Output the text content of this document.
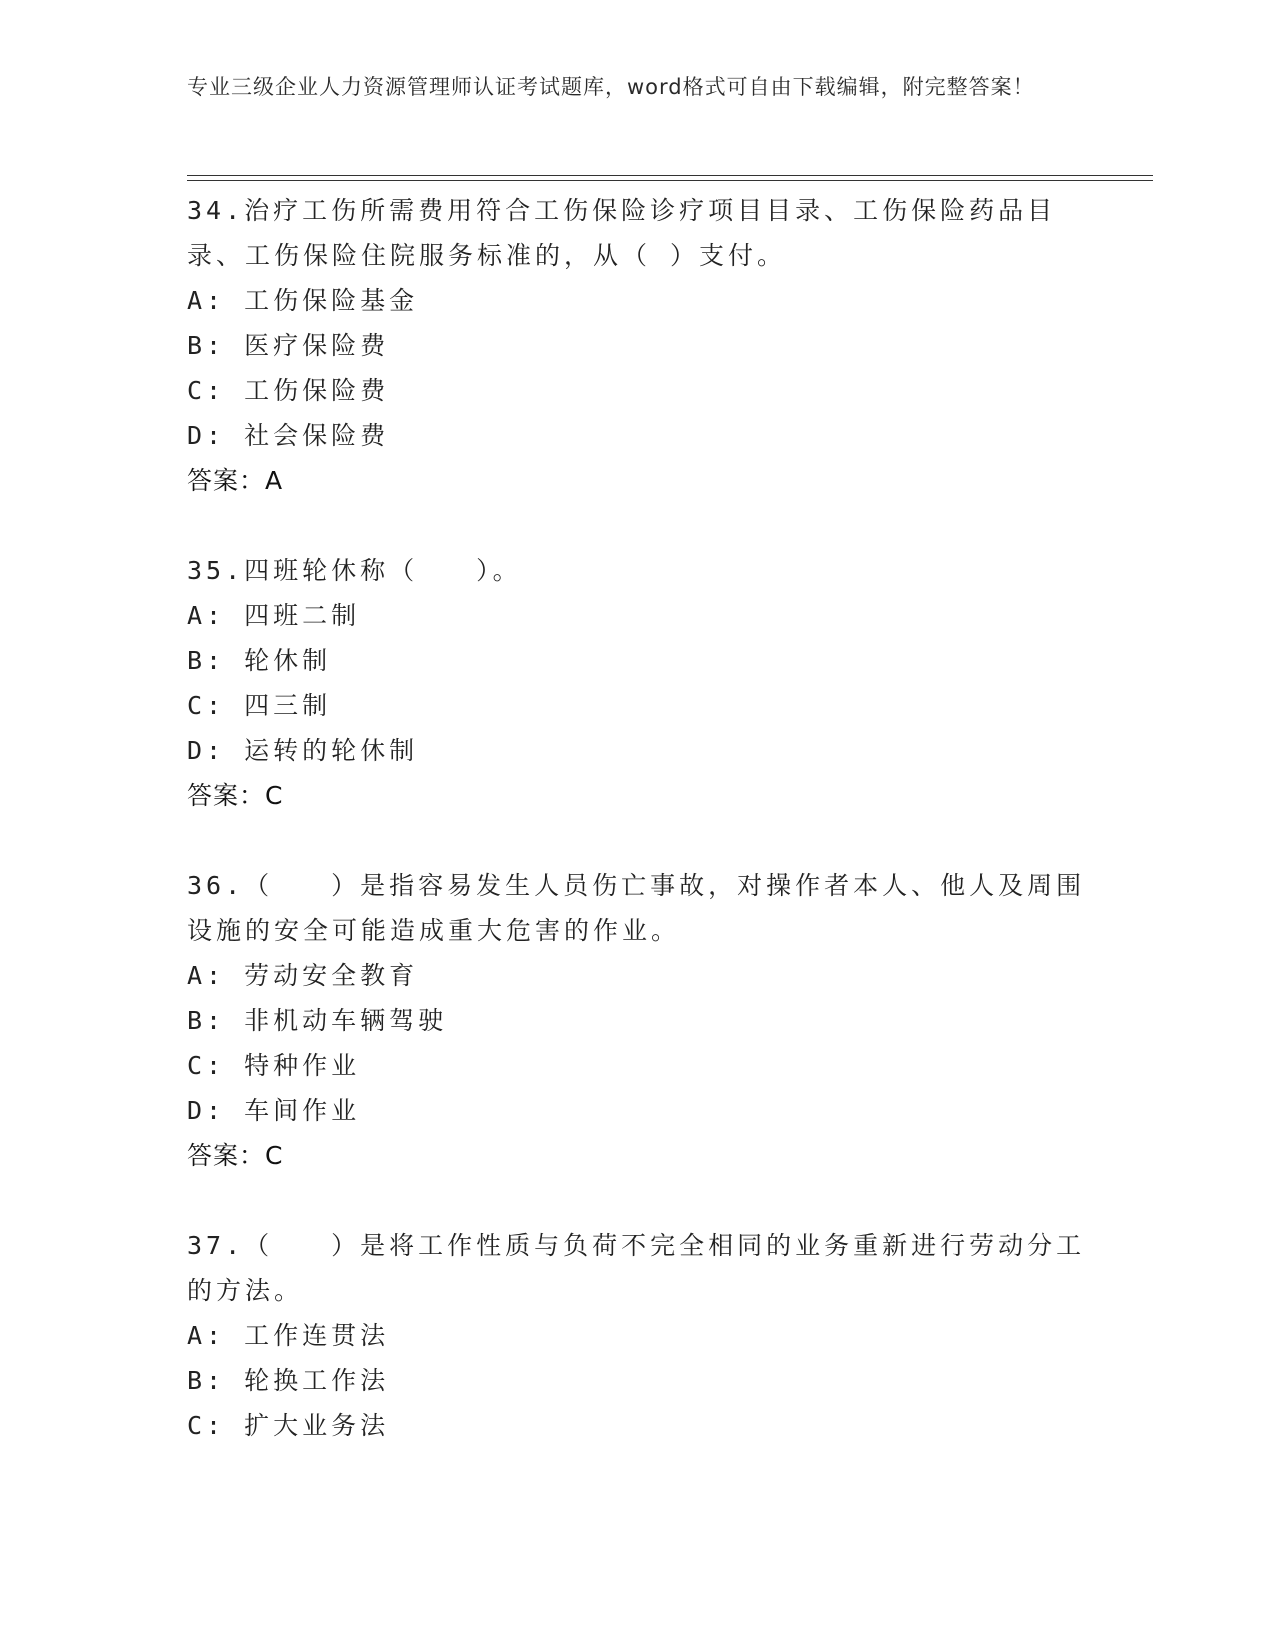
专业三级企业人力资源管理师认证考试题库，word格式可自由下载编辑，附完整答案！
34.治疗工伤所需费用符合工伤保险诊疗项目目录、工伤保险药品目录、工伤保险住院服务标准的，从（ ）支付。
A: 工伤保险基金
B: 医疗保险费
C: 工伤保险费
D: 社会保险费
答案：A
35.四班轮休称（　　）。
A: 四班二制
B: 轮休制
C: 四三制
D: 运转的轮休制
答案：C
36.（　　）是指容易发生人员伤亡事故，对操作者本人、他人及周围设施的安全可能造成重大危害的作业。
A: 劳动安全教育
B: 非机动车辆驾驶
C: 特种作业
D: 车间作业
答案：C
37.（　　）是将工作性质与负荷不完全相同的业务重新进行劳动分工的方法。
A: 工作连贯法
B: 轮换工作法
C: 扩大业务法
